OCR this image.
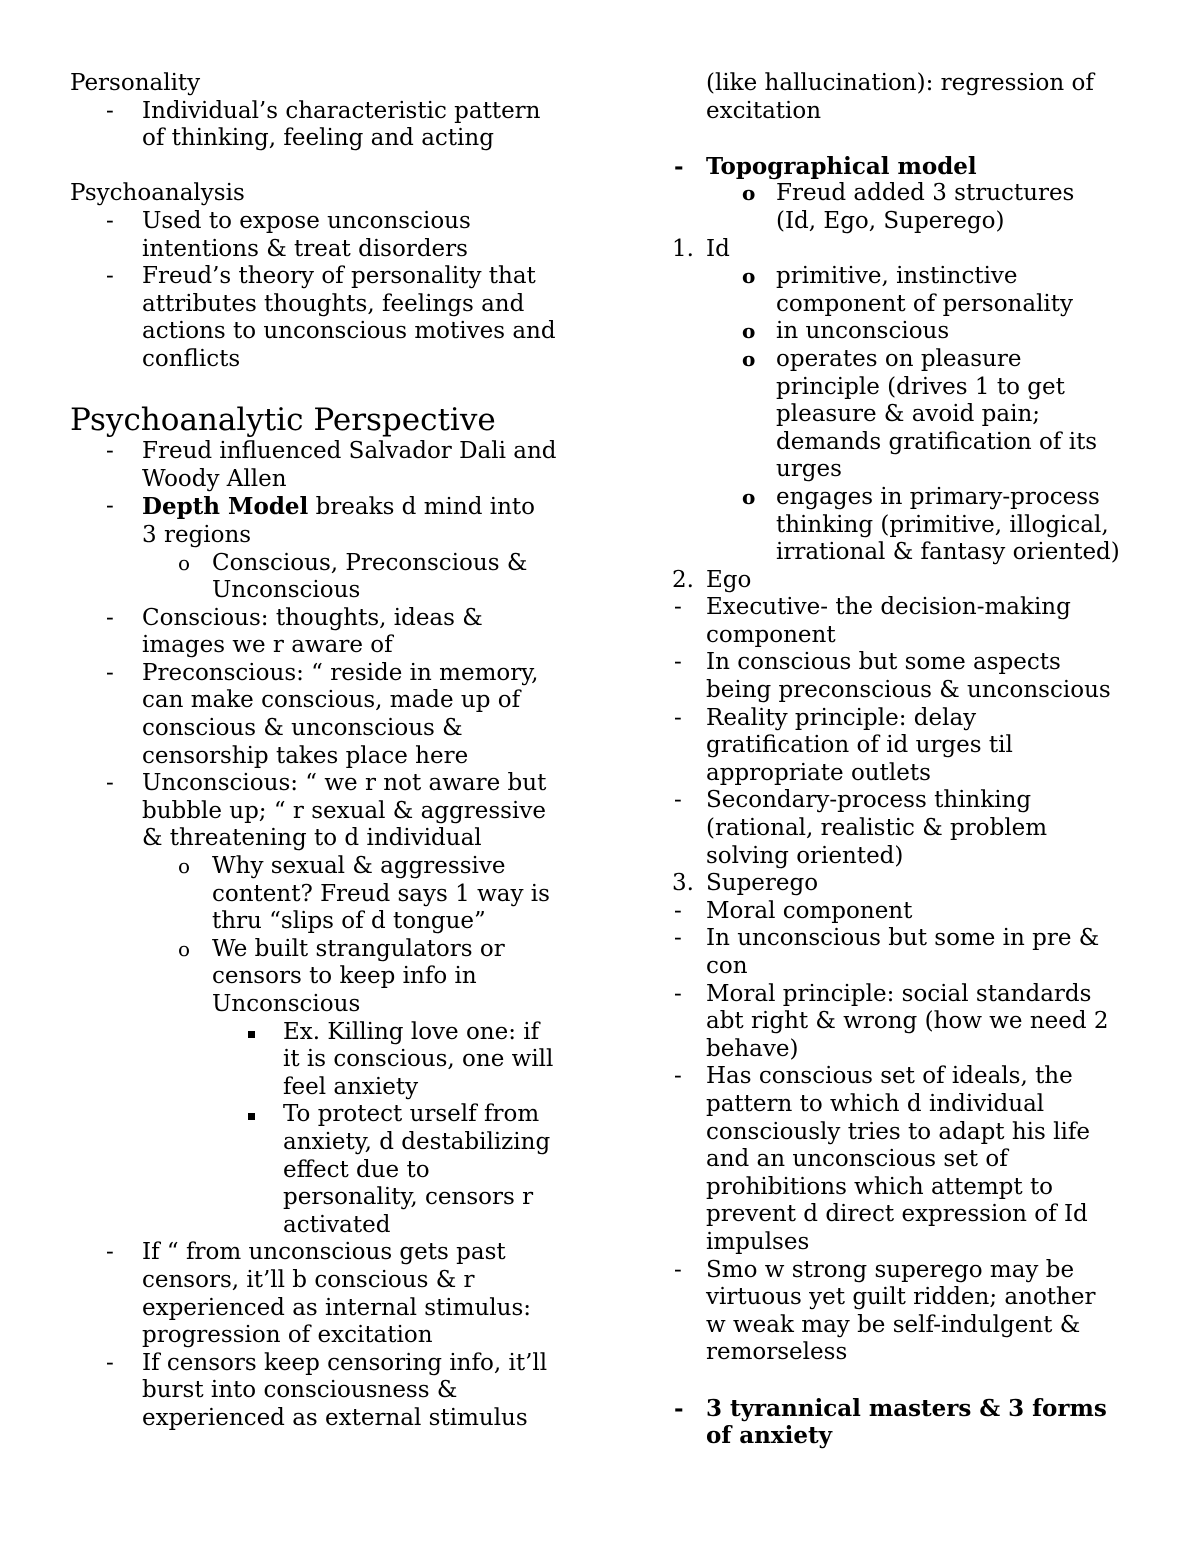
Personality
- Individual’s characteristic pattern
of thinking, feeling and acting
Psychoanalysis
- Used to expose unconscious
intentions & treat disorders
- Freud’s theory of personality that
attributes thoughts, feelings and
actions to unconscious motives and
conflicts
Psychoanalytic Perspective
- Freud influenced Salvador Dali and
Woody Allen
- Depth Model breaks d mind into
3 regions
o Conscious, Preconscious &
Unconscious
- Conscious: thoughts, ideas &
images we r aware of
- Preconscious: “ reside in memory,
can make conscious, made up of
conscious & unconscious &
censorship takes place here
- Unconscious: “ we r not aware but
bubble up; “ r sexual & aggressive
& threatening to d individual
o Why sexual & aggressive
content? Freud says 1 way is
thru “slips of d tongue”
o We built strangulators or
censors to keep info in
Unconscious
Ex. Killing love one: if
it is conscious, one will
feel anxiety
To protect urself from
anxiety, d destabilizing
effect due to
personality, censors r
activated
- If “ from unconscious gets past
censors, it’ll b conscious & r
experienced as internal stimulus:
progression of excitation
- If censors keep censoring info, it’ll
burst into consciousness &
experienced as external stimulus
(like hallucination): regression of
excitation
- Topographical model
o Freud added 3 structures
(Id, Ego, Superego)
1. Id
o primitive, instinctive
component of personality
o in unconscious
o operates on pleasure
principle (drives 1 to get
pleasure & avoid pain;
demands gratification of its
urges
o engages in primary-process
thinking (primitive, illogical,
irrational & fantasy oriented)
2. Ego
- Executive- the decision-making
component
- In conscious but some aspects
being preconscious & unconscious
- Reality principle: delay
gratification of id urges til
appropriate outlets
- Secondary-process thinking
(rational, realistic & problem
solving oriented)
3. Superego
- Moral component
- In unconscious but some in pre &
con
- Moral principle: social standards
abt right & wrong (how we need 2
behave)
- Has conscious set of ideals, the
pattern to which d individual
consciously tries to adapt his life
and an unconscious set of
prohibitions which attempt to
prevent d direct expression of Id
impulses
- Smo w strong superego may be
virtuous yet guilt ridden; another
w weak may be self-indulgent &
remorseless
- 3 tyrannical masters & 3 forms
of anxiety
